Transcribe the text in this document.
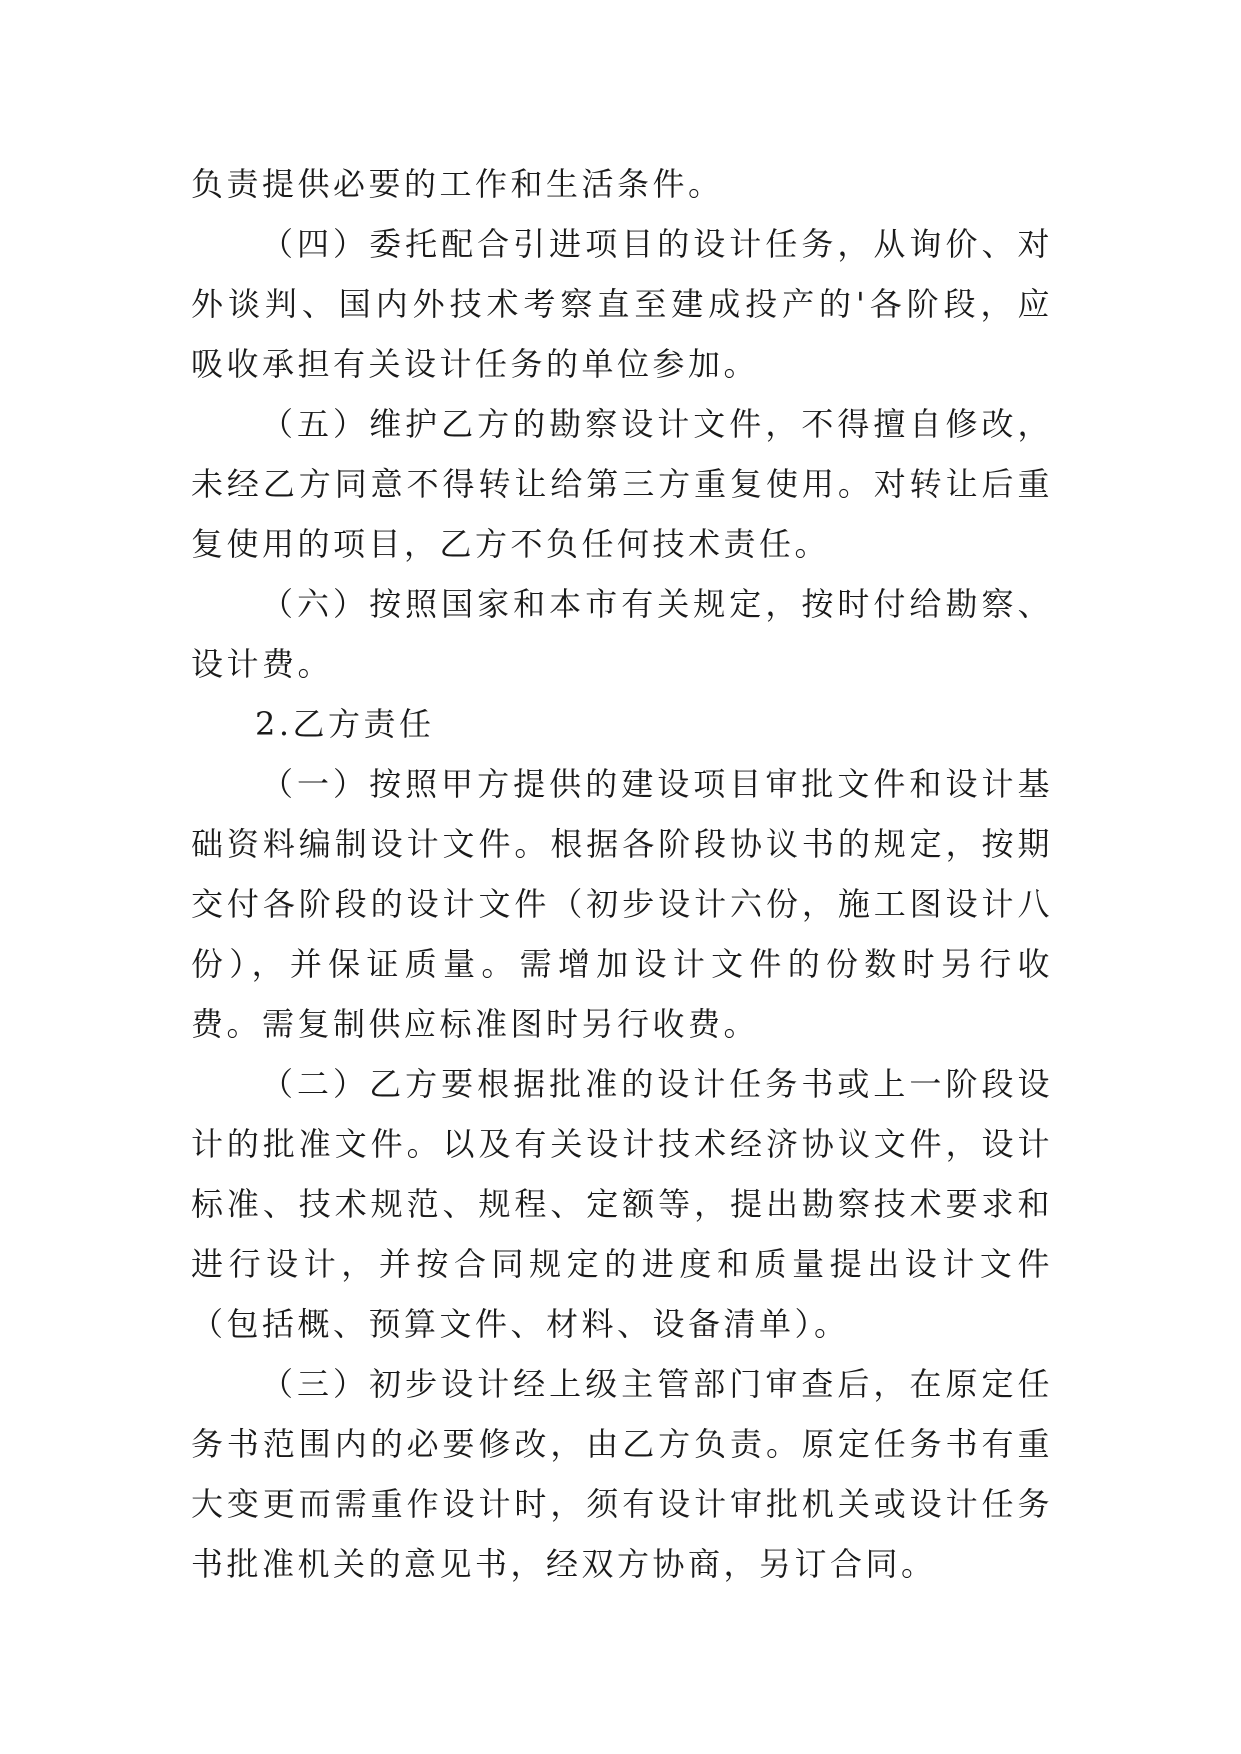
负责提供必要的工作和生活条件。

（四）委托配合引进项目的设计任务，从询价、对外谈判、国内外技术考察直至建成投产的'各阶段，应吸收承担有关设计任务的单位参加。

（五）维护乙方的勘察设计文件，不得擅自修改，未经乙方同意不得转让给第三方重复使用。对转让后重复使用的项目，乙方不负任何技术责任。

（六）按照国家和本市有关规定，按时付给勘察、设计费。

2.乙方责任

（一）按照甲方提供的建设项目审批文件和设计基础资料编制设计文件。根据各阶段协议书的规定，按期交付各阶段的设计文件（初步设计六份，施工图设计八份），并保证质量。需增加设计文件的份数时另行收费。需复制供应标准图时另行收费。

（二）乙方要根据批准的设计任务书或上一阶段设计的批准文件。以及有关设计技术经济协议文件，设计标准、技术规范、规程、定额等，提出勘察技术要求和进行设计，并按合同规定的进度和质量提出设计文件（包括概、预算文件、材料、设备清单）。

（三）初步设计经上级主管部门审查后，在原定任务书范围内的必要修改，由乙方负责。原定任务书有重大变更而需重作设计时，须有设计审批机关或设计任务书批准机关的意见书，经双方协商，另订合同。
